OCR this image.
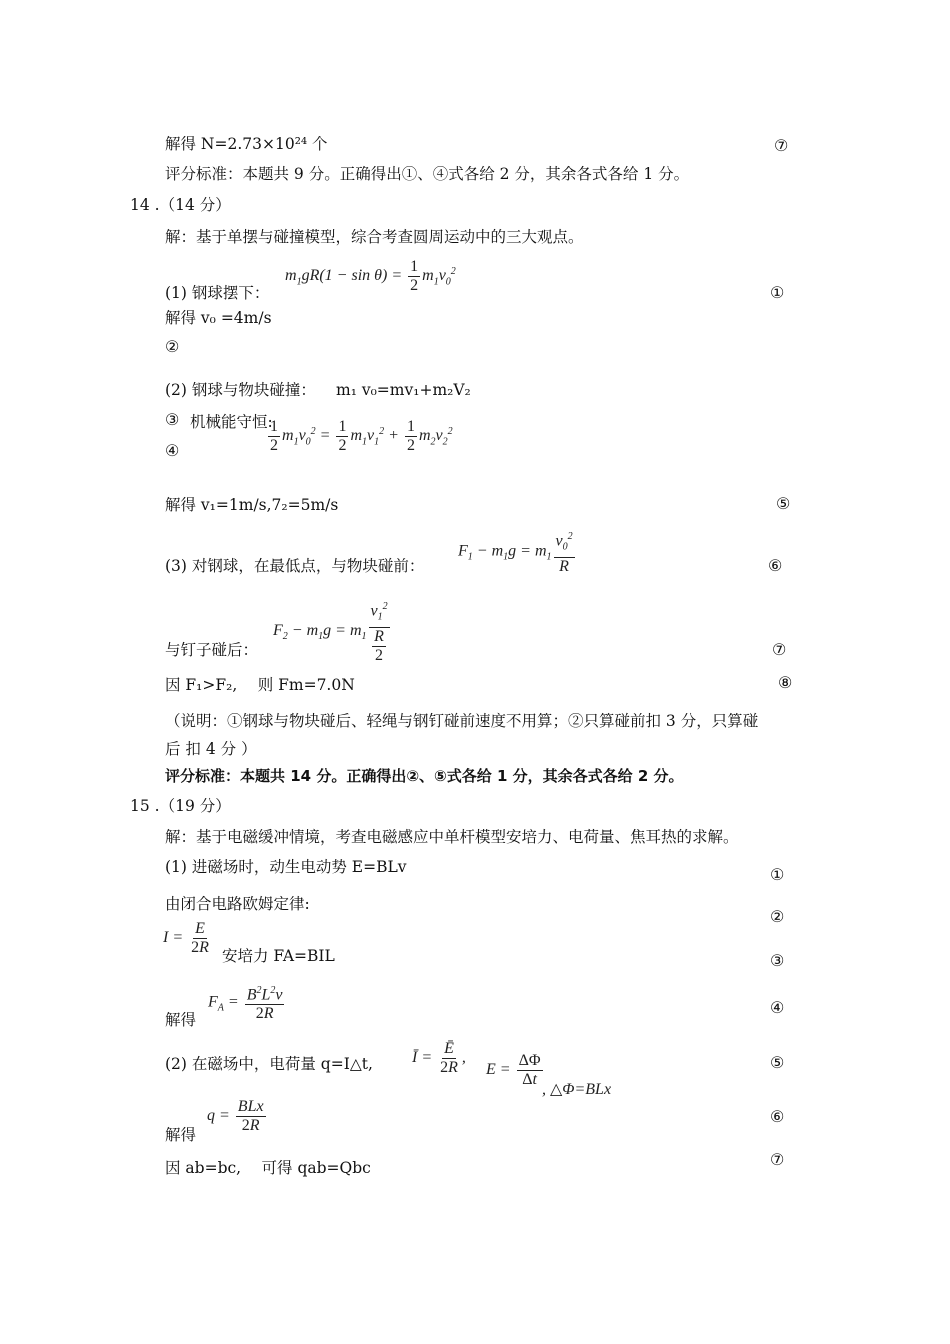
解得 N=2.73×10²⁴ 个	⑦
评分标准：本题共 9 分。正确得出①、④式各给 2 分，其余各式各给 1 分。
14 .（14 分）
解：基于单摆与碰撞模型，综合考查圆周运动中的三大观点。
(1) 钢球摆下：
$m_1gR(1 - \sin \theta) = \frac{1}{2} m_1v_0^2$
①
解得 v₀ =4m/s
②
(2) 钢球与物块碰撞： m₁ v₀=mv₁+m₂V₂
③ 机械能守恒:
④	$\frac{1}{2} m_1v_0^2 = \frac{1}{2} m_1v_1^2 + \frac{1}{2} m_2v_2^2$
解得 v₁=1m/s,7₂=5m/s	⑤
(3) 对钢球，在最低点，与物块碰前：
$F_1 - m_1g = m_1 \frac{v_0^2}{R}$	⑥
$F_2 - m_1g = m_1 \frac{v_1^2}{\frac{R}{2}}$
与钉子碰后：	⑦
因 F₁>F₂,　 则 Fm=7.0N	⑧
（说明：①钢球与物块碰后、轻绳与钢钉碰前速度不用算；②只算碰前扣 3 分，只算碰
后 扣 4 分 ）
评分标准：本题共 14 分。正确得出②、⑤式各给 1 分，其余各式各给 2 分。
15 .（19 分）
解：基于电磁缓冲情境，考查电磁感应中单杆模型安培力、电荷量、焦耳热的求解。
(1) 进磁场时，动生电动势 E=BLv	①
由闭合电路欧姆定律:
②
$I = \frac{E}{2R}$ 安培力 FA=BIL	③
解得
$F_A = \frac{B^2L^2v}{2R}$	④
(2) 在磁场中，电荷量 q=I△t, Ī = $\frac{Ē}{2R}$ ,
$E = \frac{\Delta\Phi}{\Delta t}$
, △Φ=BLx
⑤
解得
$q = \frac{\text{BLx}}{2R}$	⑥
因 ab=bc,　 可得 qab=Qbc	⑦
